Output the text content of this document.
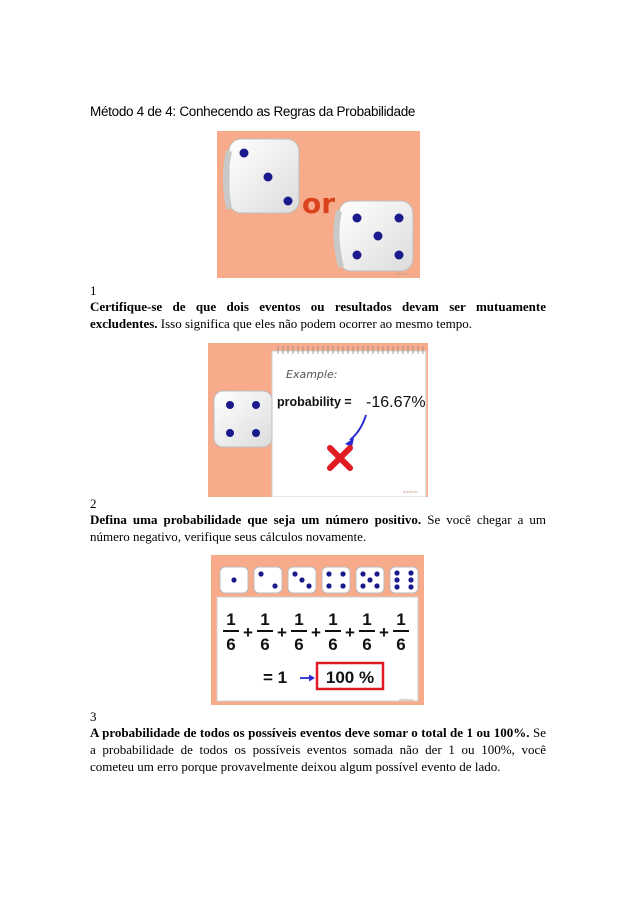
Método 4 de 4: Conhecendo as Regras da Probabilidade
or
wikiHow
1
Certifique-se de que dois eventos ou resultados devam ser mutuamente excludentes. Isso significa que eles não podem ocorrer ao mesmo tempo.
Example:
probability = -16.67%
wikiHow
2
Defina uma probabilidade que seja um número positivo. Se você chegar a um número negativo, verifique seus cálculos novamente.
1
6
+
1
6
+
1
6
+
1
6
+
1
6
+
1
6
= 1 100 %
wikiHow
3
A probabilidade de todos os possíveis eventos deve somar o total de 1 ou 100%. Se a probabilidade de todos os possíveis eventos somada não der 1 ou 100%, você cometeu um erro porque provavelmente deixou algum possível evento de lado.
